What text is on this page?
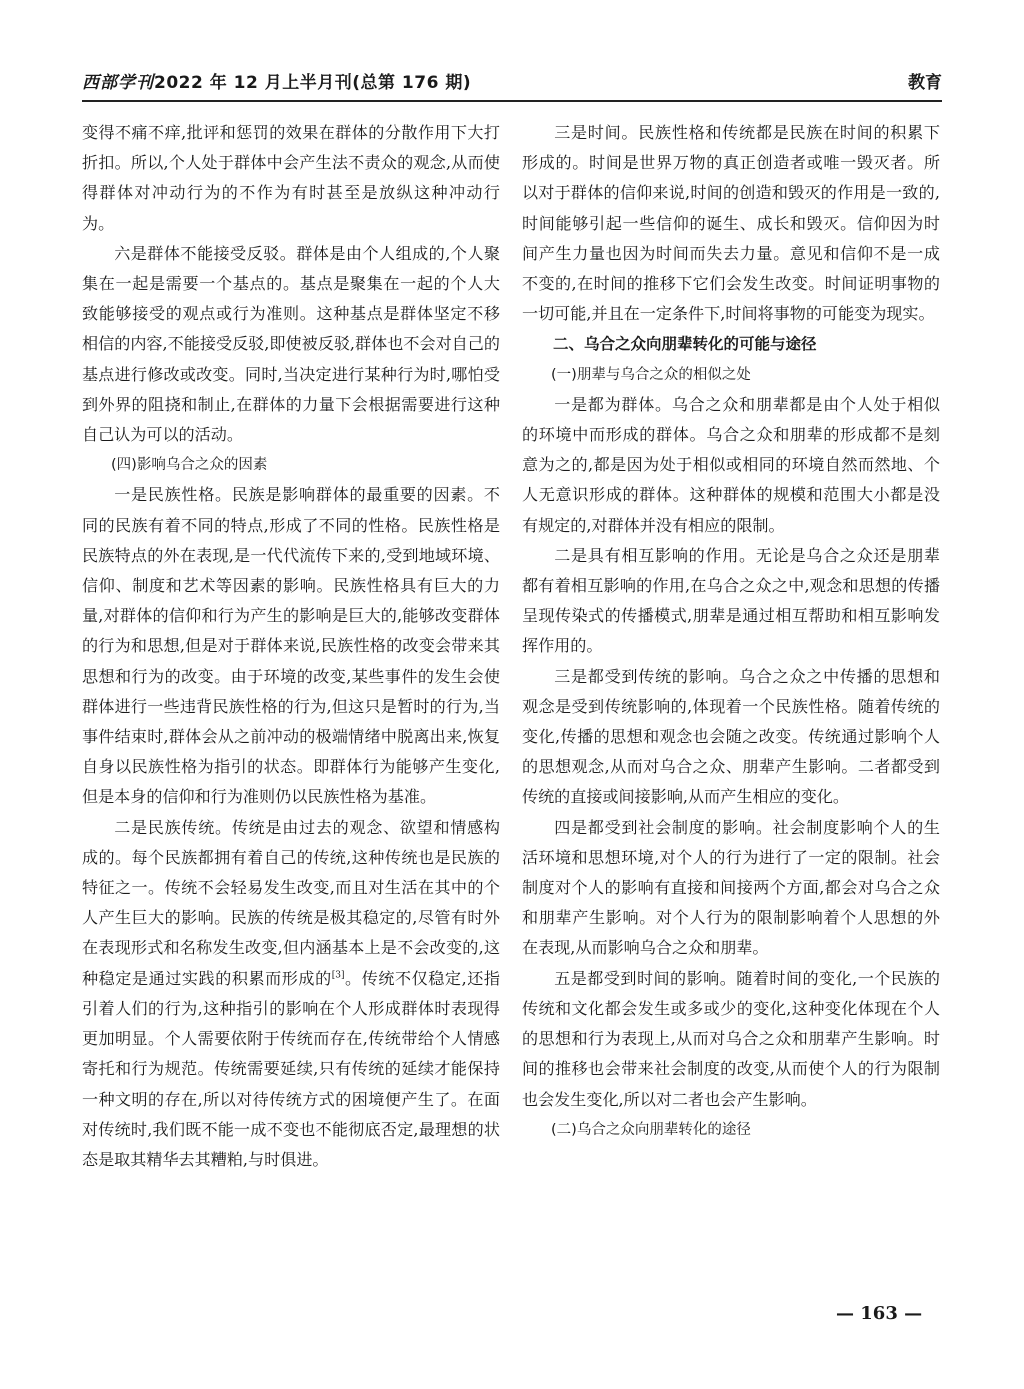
西部学刊2022 年 12 月上半月刊(总第 176 期)	教育

变得不痛不痒,批评和惩罚的效果在群体的分散作用下大打折扣。所以,个人处于群体中会产生法不责众的观念,从而使得群体对冲动行为的不作为有时甚至是放纵这种冲动行为。

六是群体不能接受反驳。群体是由个人组成的,个人聚集在一起是需要一个基点的。基点是聚集在一起的个人大致能够接受的观点或行为准则。这种基点是群体坚定不移相信的内容,不能接受反驳,即使被反驳,群体也不会对自己的基点进行修改或改变。同时,当决定进行某种行为时,哪怕受到外界的阻挠和制止,在群体的力量下会根据需要进行这种自己认为可以的活动。

(四)影响乌合之众的因素

一是民族性格。民族是影响群体的最重要的因素。不同的民族有着不同的特点,形成了不同的性格。民族性格是民族特点的外在表现,是一代代流传下来的,受到地域环境、信仰、制度和艺术等因素的影响。民族性格具有巨大的力量,对群体的信仰和行为产生的影响是巨大的,能够改变群体的行为和思想,但是对于群体来说,民族性格的改变会带来其思想和行为的改变。由于环境的改变,某些事件的发生会使群体进行一些违背民族性格的行为,但这只是暂时的行为,当事件结束时,群体会从之前冲动的极端情绪中脱离出来,恢复自身以民族性格为指引的状态。即群体行为能够产生变化,但是本身的信仰和行为准则仍以民族性格为基准。

二是民族传统。传统是由过去的观念、欲望和情感构成的。每个民族都拥有着自己的传统,这种传统也是民族的特征之一。传统不会轻易发生改变,而且对生活在其中的个人产生巨大的影响。民族的传统是极其稳定的,尽管有时外在表现形式和名称发生改变,但内涵基本上是不会改变的,这种稳定是通过实践的积累而形成的[3]。传统不仅稳定,还指引着人们的行为,这种指引的影响在个人形成群体时表现得更加明显。个人需要依附于传统而存在,传统带给个人情感寄托和行为规范。传统需要延续,只有传统的延续才能保持一种文明的存在,所以对待传统方式的困境便产生了。在面对传统时,我们既不能一成不变也不能彻底否定,最理想的状态是取其精华去其糟粕,与时俱进。

三是时间。民族性格和传统都是民族在时间的积累下形成的。时间是世界万物的真正创造者或唯一毁灭者。所以对于群体的信仰来说,时间的创造和毁灭的作用是一致的,时间能够引起一些信仰的诞生、成长和毁灭。信仰因为时间产生力量也因为时间而失去力量。意见和信仰不是一成不变的,在时间的推移下它们会发生改变。时间证明事物的一切可能,并且在一定条件下,时间将事物的可能变为现实。

二、乌合之众向朋辈转化的可能与途径

(一)朋辈与乌合之众的相似之处

一是都为群体。乌合之众和朋辈都是由个人处于相似的环境中而形成的群体。乌合之众和朋辈的形成都不是刻意为之的,都是因为处于相似或相同的环境自然而然地、个人无意识形成的群体。这种群体的规模和范围大小都是没有规定的,对群体并没有相应的限制。

二是具有相互影响的作用。无论是乌合之众还是朋辈都有着相互影响的作用,在乌合之众之中,观念和思想的传播呈现传染式的传播模式,朋辈是通过相互帮助和相互影响发挥作用的。

三是都受到传统的影响。乌合之众之中传播的思想和观念是受到传统影响的,体现着一个民族性格。随着传统的变化,传播的思想和观念也会随之改变。传统通过影响个人的思想观念,从而对乌合之众、朋辈产生影响。二者都受到传统的直接或间接影响,从而产生相应的变化。

四是都受到社会制度的影响。社会制度影响个人的生活环境和思想环境,对个人的行为进行了一定的限制。社会制度对个人的影响有直接和间接两个方面,都会对乌合之众和朋辈产生影响。对个人行为的限制影响着个人思想的外在表现,从而影响乌合之众和朋辈。

五是都受到时间的影响。随着时间的变化,一个民族的传统和文化都会发生或多或少的变化,这种变化体现在个人的思想和行为表现上,从而对乌合之众和朋辈产生影响。时间的推移也会带来社会制度的改变,从而使个人的行为限制也会发生变化,所以对二者也会产生影响。

(二)乌合之众向朋辈转化的途径

— 163 —
